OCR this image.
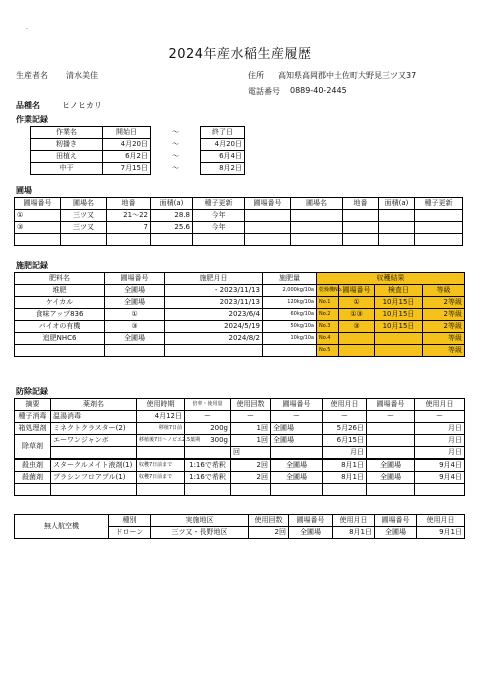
.
2024年産水稲生産履歴
生産者名 清水美佳	住所 高知県高岡郡中土佐町大野見三ツ又37
電話番号 0889-40-2445
品種名	ヒノヒカリ
作業記録
作業名	開始日	～	終了日
籾播き	4月20日	～	4月20日
田植え	6月2日	～	6月4日
中干	7月15日	～	8月2日
圃場
圃場番号	圃場名	地番	面積(a)	種子更新	圃場番号	圃場名	地番	面積(a)	種子更新
①	三ツ又	21～22	28.8	今年					
③	三ツ又	7	25.6	今年					

施肥記録
肥料名	圃場番号	施肥月日	施肥量
堆肥	全圃場	- 2023/11/13	2,000kg/10a
ケイカル	全圃場	2023/11/13	120kg/10a
食味アップ836	①	2023/6/4	60kg/10a
バイオの有機	③	2024/5/19	50kg/10a
追肥NHC6	全圃場	2024/8/2	10kg/10a

収穫結果			
乾燥機No.	圃場番号	検査日	等級
No.1	①	10月15日	2等級
No.2	①③	10月15日	2等級
No.3	③	10月15日	2等級
No.4			等級
No.5			等級
防除記録
摘要	薬剤名	使用時期	倍率・使用量	使用回数	圃場番号	使用月日	圃場番号	使用月日
種子消毒	温湯消毒	4月12日	ー	ー	ー	ー	ー	ー
箱処理剤	ミネクトクラスター(2)	移植7日前	200g	1回	全圃場	5月26日		月日
除草剤	エーワンジャンボ	移植後7日～ノビエ2.5葉期	300g	1回	全圃場	6月15日		月日
				回		月日		月日
殺虫剤	スタークルメイト液剤(1)	収穫7日前まで	1:16で希釈	2回	全圃場	8月1日	全圃場	9月4日
殺菌剤	ブラシンフロアブル(1)	収穫7日前まで	1:16で希釈	2回	全圃場	8月1日	全圃場	9月4日

無人航空機	種別	実施地区	使用回数	圃場番号	使用月日	圃場番号	使用月日
	ドローン	三ツ又・長野地区	2回	全圃場	8月1日	全圃場	9月1日
